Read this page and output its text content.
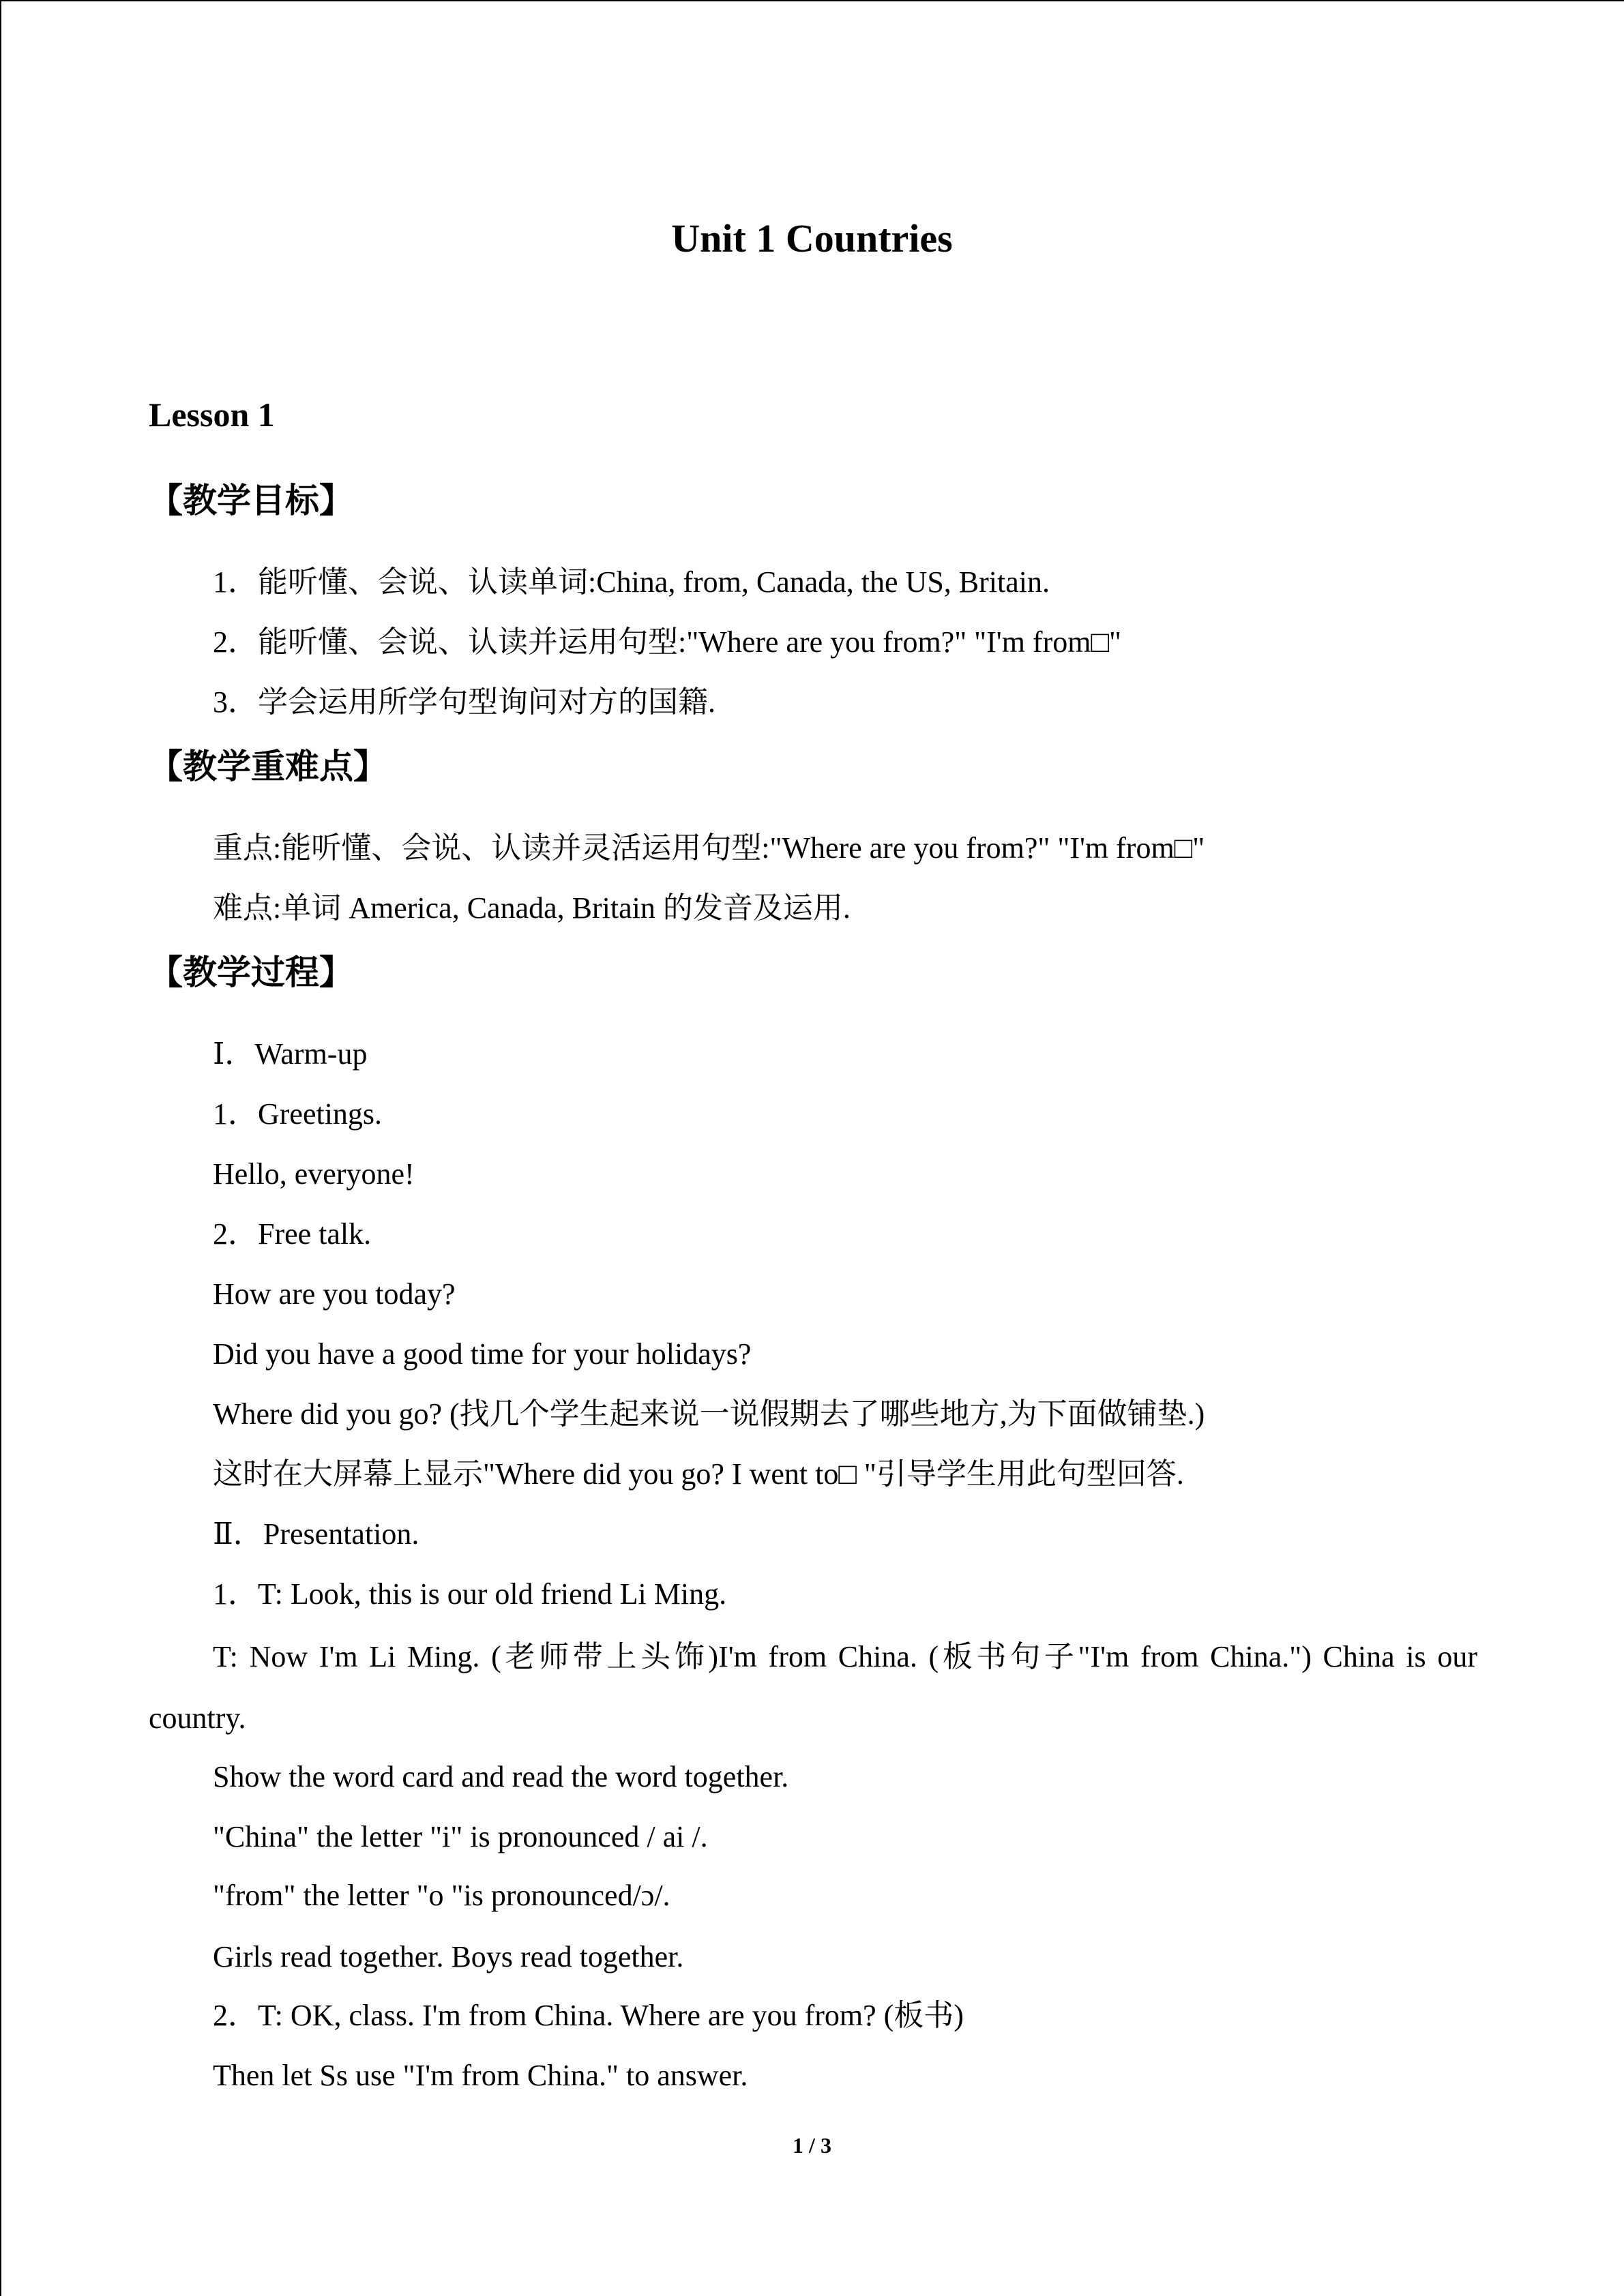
Unit 1 Countries
Lesson 1
【教学目标】
1．能听懂、会说、认读单词:China, from, Canada, the US, Britain.
2．能听懂、会说、认读并运用句型:"Where are you from?" "I'm from□"
3．学会运用所学句型询问对方的国籍.
【教学重难点】
重点:能听懂、会说、认读并灵活运用句型:"Where are you from?" "I'm from□"
难点:单词 America, Canada, Britain 的发音及运用.
【教学过程】
Ⅰ．Warm-up
1．Greetings.
Hello, everyone!
2．Free talk.
How are you today?
Did you have a good time for your holidays?
Where did you go? (找几个学生起来说一说假期去了哪些地方,为下面做铺垫.)
这时在大屏幕上显示"Where did you go? I went to□ "引导学生用此句型回答.
Ⅱ．Presentation.
1．T: Look, this is our old friend Li Ming.
T: Now I'm Li Ming. (老师带上头饰)I'm from China. (板书句子"I'm from China.") China is our country.
Show the word card and read the word together.
"China" the letter "i" is pronounced / ai /.
"from" the letter "o "is pronounced/ɔ/.
Girls read together. Boys read together.
2．T: OK, class. I'm from China. Where are you from? (板书)
Then let Ss use "I'm from China." to answer.
1 / 3
